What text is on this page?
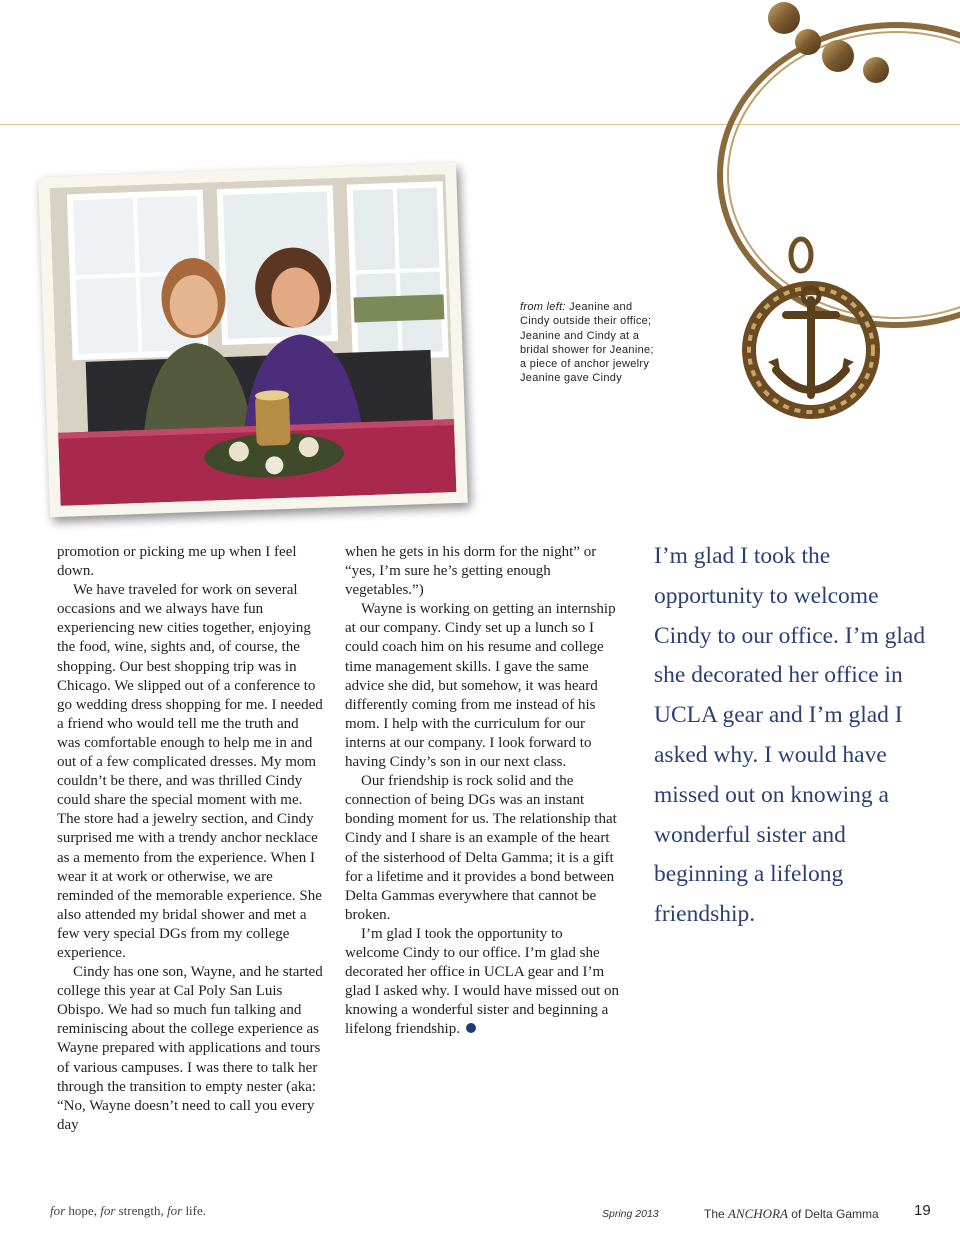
from left: Jeanine and Cindy outside their office; Jeanine and Cindy at a bridal shower for Jeanine; a piece of anchor jewelry Jeanine gave Cindy

promotion or picking me up when I feel down.

We have traveled for work on several occasions and we always have fun experiencing new cities together, enjoying the food, wine, sights and, of course, the shopping. Our best shopping trip was in Chicago. We slipped out of a conference to go wedding dress shopping for me. I needed a friend who would tell me the truth and was comfortable enough to help me in and out of a few complicated dresses. My mom couldn’t be there, and was thrilled Cindy could share the special moment with me. The store had a jewelry section, and Cindy surprised me with a trendy anchor necklace as a memento from the experience. When I wear it at work or otherwise, we are reminded of the memorable experience. She also attended my bridal shower and met a few very special DGs from my college experience.

Cindy has one son, Wayne, and he started college this year at Cal Poly San Luis Obispo. We had so much fun talking and reminiscing about the college experience as Wayne prepared with applications and tours of various campuses. I was there to talk her through the transition to empty nester (aka: “No, Wayne doesn’t need to call you every day

when he gets in his dorm for the night” or “yes, I’m sure he’s getting enough vegetables.”)

Wayne is working on getting an internship at our company. Cindy set up a lunch so I could coach him on his resume and college time management skills. I gave the same advice she did, but somehow, it was heard differently coming from me instead of his mom. I help with the curriculum for our interns at our company. I look forward to having Cindy’s son in our next class.

Our friendship is rock solid and the connection of being DGs was an instant bonding moment for us. The relationship that Cindy and I share is an example of the heart of the sisterhood of Delta Gamma; it is a gift for a lifetime and it provides a bond between Delta Gammas everywhere that cannot be broken.

I’m glad I took the opportunity to welcome Cindy to our office. I’m glad she decorated her office in UCLA gear and I’m glad I asked why. I would have missed out on knowing a wonderful sister and beginning a lifelong friendship.

I’m glad I took the opportunity to welcome Cindy to our office. I’m glad she decorated her office in UCLA gear and I’m glad I asked why. I would have missed out on knowing a wonderful sister and beginning a lifelong friendship.

for hope, for strength, for life.	Spring 2013	The ANCHORA of Delta Gamma 19
